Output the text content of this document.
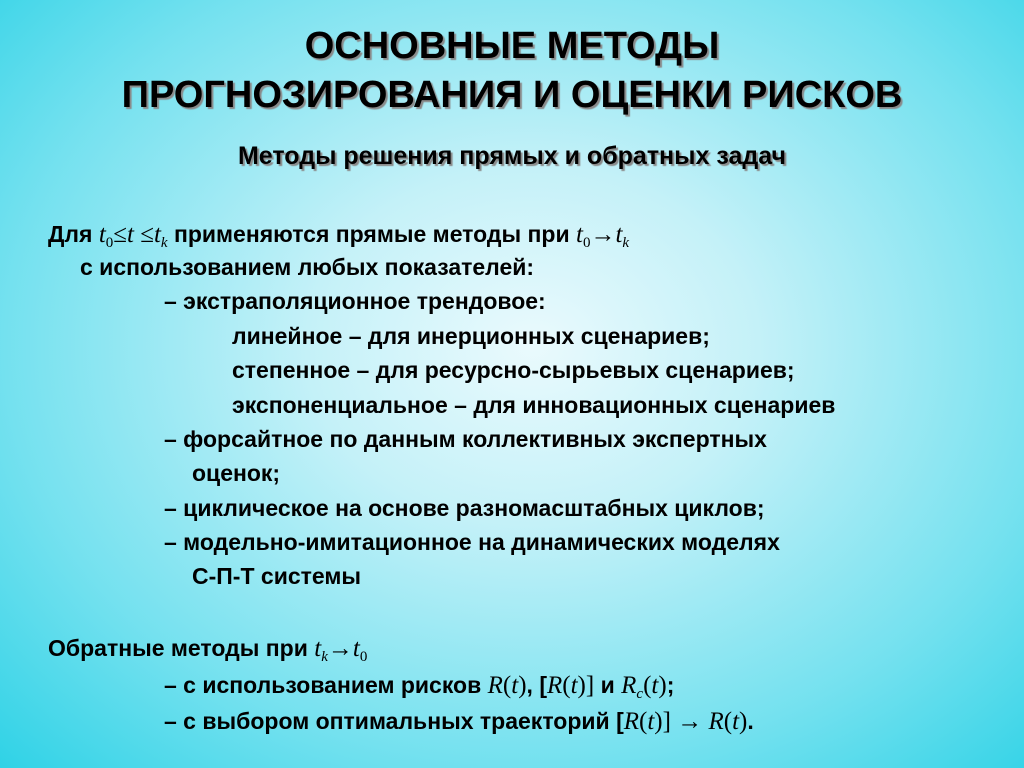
ОСНОВНЫЕ МЕТОДЫ
ПРОГНОЗИРОВАНИЯ И ОЦЕНКИ РИСКОВ
Методы решения прямых и обратных задач
Для $t_0\le t \le t_k$ применяются прямые методы при $t_0\to t_k$
с использованием любых показателей:
– экстраполяционное трендовое:
линейное – для инерционных сценариев;
степенное – для ресурсно-сырьевых сценариев;
экспоненциальное – для инновационных сценариев
– форсайтное по данным коллективных экспертных
оценок;
– циклическое на основе разномасштабных циклов;
– модельно-имитационное на динамических моделях
С-П-Т системы
Обратные методы при $t_k\to t_0$
– с использованием рисков R(t), [R(t)] и $R_c(t)$;
– с выбором оптимальных траекторий [R(t)] → R(t).
